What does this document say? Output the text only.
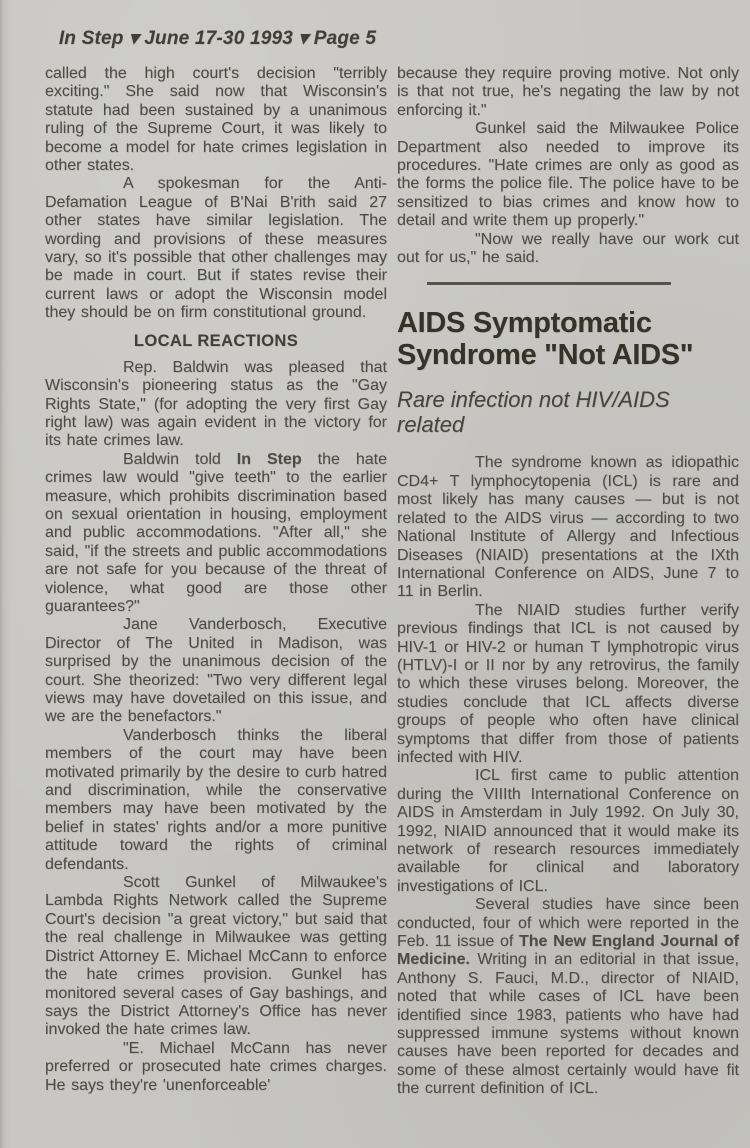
In Step ▾ June 17-30 1993 ▾ Page 5

called the high court's decision "terribly exciting." She said now that Wisconsin's statute had been sustained by a unanimous ruling of the Supreme Court, it was likely to become a model for hate crimes legislation in other states.

A spokesman for the Anti-Defamation League of B'Nai B'rith said 27 other states have similar legislation. The wording and provisions of these measures vary, so it's possible that other challenges may be made in court. But if states revise their current laws or adopt the Wisconsin model they should be on firm constitutional ground.

LOCAL REACTIONS

Rep. Baldwin was pleased that Wisconsin's pioneering status as the "Gay Rights State," (for adopting the very first Gay right law) was again evident in the victory for its hate crimes law.

Baldwin told In Step the hate crimes law would "give teeth" to the earlier measure, which prohibits discrimination based on sexual orientation in housing, employment and public accommodations. "After all," she said, "if the streets and public accommodations are not safe for you because of the threat of violence, what good are those other guarantees?"

Jane Vanderbosch, Executive Director of The United in Madison, was surprised by the unanimous decision of the court. She theorized: "Two very different legal views may have dovetailed on this issue, and we are the benefactors."

Vanderbosch thinks the liberal members of the court may have been motivated primarily by the desire to curb hatred and discrimination, while the conservative members may have been motivated by the belief in states' rights and/or a more punitive attitude toward the rights of criminal defendants.

Scott Gunkel of Milwaukee's Lambda Rights Network called the Supreme Court's decision "a great victory," but said that the real challenge in Milwaukee was getting District Attorney E. Michael McCann to enforce the hate crimes provision. Gunkel has monitored several cases of Gay bashings, and says the District Attorney's Office has never invoked the hate crimes law.

"E. Michael McCann has never preferred or prosecuted hate crimes charges. He says they're 'unenforceable'

because they require proving motive. Not only is that not true, he's negating the law by not enforcing it."

Gunkel said the Milwaukee Police Department also needed to improve its procedures. "Hate crimes are only as good as the forms the police file. The police have to be sensitized to bias crimes and know how to detail and write them up properly."

"Now we really have our work cut out for us," he said.

AIDS Symptomatic Syndrome "Not AIDS"
Rare infection not HIV/AIDS related

The syndrome known as idiopathic CD4+ T lymphocytopenia (ICL) is rare and most likely has many causes — but is not related to the AIDS virus — according to two National Institute of Allergy and Infectious Diseases (NIAID) presentations at the IXth International Conference on AIDS, June 7 to 11 in Berlin.

The NIAID studies further verify previous findings that ICL is not caused by HIV-1 or HIV-2 or human T lymphotropic virus (HTLV)-I or II nor by any retrovirus, the family to which these viruses belong. Moreover, the studies conclude that ICL affects diverse groups of people who often have clinical symptoms that differ from those of patients infected with HIV.

ICL first came to public attention during the VIIIth International Conference on AIDS in Amsterdam in July 1992. On July 30, 1992, NIAID announced that it would make its network of research resources immediately available for clinical and laboratory investigations of ICL.

Several studies have since been conducted, four of which were reported in the Feb. 11 issue of The New England Journal of Medicine. Writing in an editorial in that issue, Anthony S. Fauci, M.D., director of NIAID, noted that while cases of ICL have been identified since 1983, patients who have had suppressed immune systems without known causes have been reported for decades and some of these almost certainly would have fit the current definition of ICL.
